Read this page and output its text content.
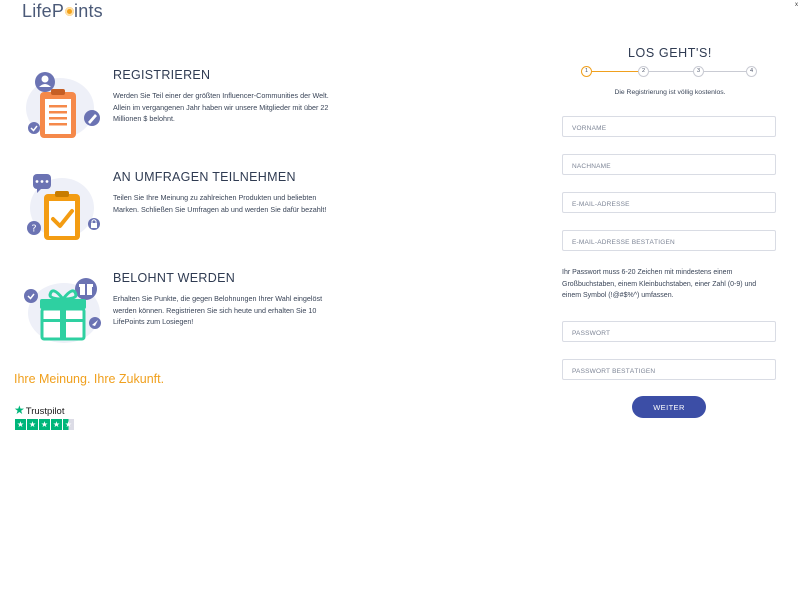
LifeP ints	x
REGISTRIEREN
Werden Sie Teil einer der größten Influencer-Communities der Welt. Allein im vergangenen Jahr haben wir unsere Mitglieder mit über 22 Millionen $ belohnt.
?
AN UMFRAGEN TEILNEHMEN
Teilen Sie Ihre Meinung zu zahlreichen Produkten und beliebten Marken. Schließen Sie Umfragen ab und werden Sie dafür bezahlt!
BELOHNT WERDEN
Erhalten Sie Punkte, die gegen Belohnungen Ihrer Wahl eingelöst werden können. Registrieren Sie sich heute und erhalten Sie 10 LifePoints zum Losiegen!
Ihre Meinung. Ihre Zukunft.
★Trustpilot
★ ★ ★ ★ ★
LOS GEHT'S!
1	2	3	4
Die Registrierung ist völlig kostenlos.
VORNAME
NACHNAME
E-MAIL-ADRESSE
E-MAIL-ADRESSE BESTÄTIGEN
Ihr Passwort muss 6-20 Zeichen mit mindestens einem Großbuchstaben, einem Kleinbuchstaben, einer Zahl (0-9) und einem Symbol (!@#$%^) umfassen.
WEITER
